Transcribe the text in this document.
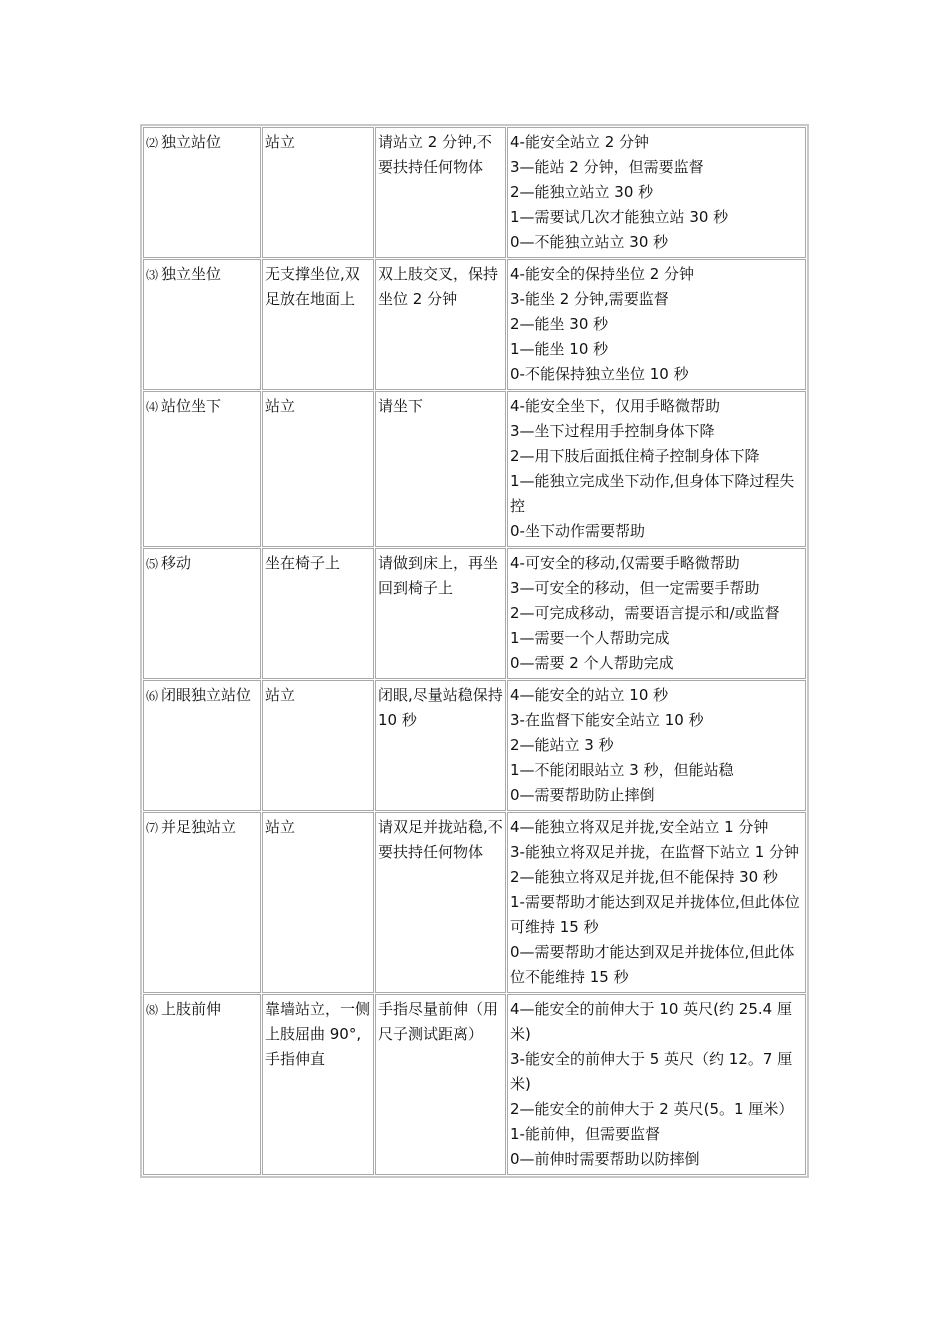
⑵ 独立站位	站立	请站立 2 分钟,不要扶持任何物体	4-能安全站立 2 分钟
3—能站 2 分钟，但需要监督
2—能独立站立 30 秒
1—需要试几次才能独立站 30 秒
0—不能独立站立 30 秒

⑶ 独立坐位	无支撑坐位,双足放在地面上	双上肢交叉，保持坐位 2 分钟	4-能安全的保持坐位 2 分钟
3-能坐 2 分钟,需要监督
2—能坐 30 秒
1—能坐 10 秒
0-不能保持独立坐位 10 秒

⑷ 站位坐下	站立	请坐下	4-能安全坐下，仅用手略微帮助
3—坐下过程用手控制身体下降
2—用下肢后面抵住椅子控制身体下降
1—能独立完成坐下动作,但身体下降过程失控
0-坐下动作需要帮助

⑸ 移动	坐在椅子上	请做到床上，再坐回到椅子上	4-可安全的移动,仅需要手略微帮助
3—可安全的移动，但一定需要手帮助
2—可完成移动，需要语言提示和/或监督
1—需要一个人帮助完成
0—需要 2 个人帮助完成

⑹ 闭眼独立站位	站立	闭眼,尽量站稳保持 10 秒	4—能安全的站立 10 秒
3-在监督下能安全站立 10 秒
2—能站立 3 秒
1—不能闭眼站立 3 秒，但能站稳
0—需要帮助防止摔倒

⑺ 并足独站立	站立	请双足并拢站稳,不要扶持任何物体	4—能独立将双足并拢,安全站立 1 分钟
3-能独立将双足并拢，在监督下站立 1 分钟
2—能独立将双足并拢,但不能保持 30 秒
1-需要帮助才能达到双足并拢体位,但此体位可维持 15 秒
0—需要帮助才能达到双足并拢体位,但此体位不能维持 15 秒

⑻ 上肢前伸	靠墙站立，一侧上肢屈曲 90°,手指伸直	手指尽量前伸（用尺子测试距离）	4—能安全的前伸大于 10 英尺(约 25.4 厘米)
3-能安全的前伸大于 5 英尺（约 12。7 厘米)
2—能安全的前伸大于 2 英尺(5。1 厘米）
1-能前伸，但需要监督
0—前伸时需要帮助以防摔倒
